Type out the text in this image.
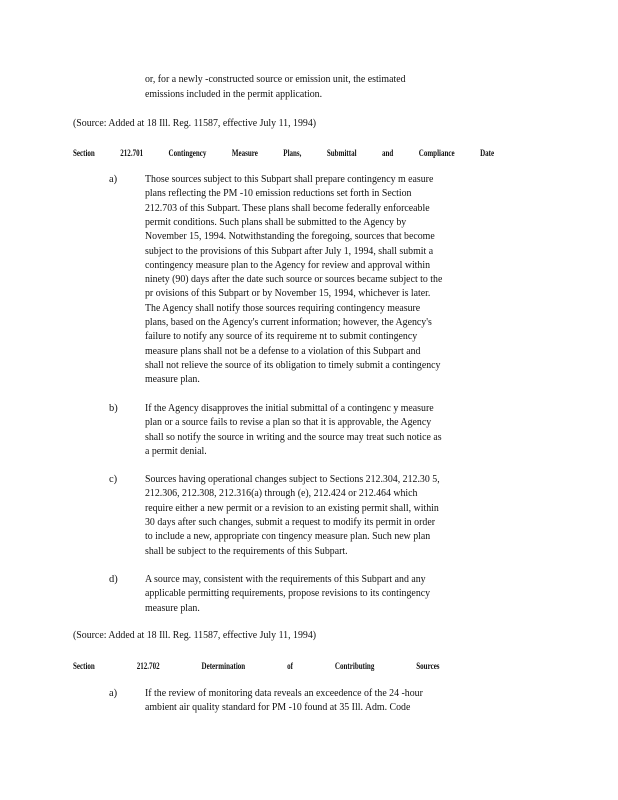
or, for a newly -constructed source or emission unit, the estimated
emissions included in the permit application.
(Source: Added at 18 Ill. Reg. 11587, effective July 11, 1994)
Section	212.701	Contingency	Measure	Plans,	Submittal	and	Compliance	Date
a)	Those sources subject to this Subpart shall prepare contingency m easure
plans reflecting the PM -10 emission reductions set forth in Section
212.703 of this Subpart. These plans shall become federally enforceable
permit conditions. Such plans shall be submitted to the Agency by
November 15, 1994. Notwithstanding the foregoing, sources that become
subject to the provisions of this Subpart after July 1, 1994, shall submit a
contingency measure plan to the Agency for review and approval within
ninety (90) days after the date such source or sources became subject to the
pr ovisions of this Subpart or by November 15, 1994, whichever is later.
The Agency shall notify those sources requiring contingency measure
plans, based on the Agency's current information; however, the Agency's
failure to notify any source of its requireme nt to submit contingency
measure plans shall not be a defense to a violation of this Subpart and
shall not relieve the source of its obligation to timely submit a contingency
measure plan.
b)	If the Agency disapproves the initial submittal of a contingenc y measure
plan or a source fails to revise a plan so that it is approvable, the Agency
shall so notify the source in writing and the source may treat such notice as
a permit denial.
c)	Sources having operational changes subject to Sections 212.304, 212.30 5,
212.306, 212.308, 212.316(a) through (e), 212.424 or 212.464 which
require either a new permit or a revision to an existing permit shall, within
30 days after such changes, submit a request to modify its permit in order
to include a new, appropriate con tingency measure plan. Such new plan
shall be subject to the requirements of this Subpart.
d)	A source may, consistent with the requirements of this Subpart and any
applicable permitting requirements, propose revisions to its contingency
measure plan.
(Source: Added at 18 Ill. Reg. 11587, effective July 11, 1994)
Section	212.702	Determination	of	Contributing	Sources
a)	If the review of monitoring data reveals an exceedence of the 24 -hour
ambient air quality standard for PM -10 found at 35 Ill. Adm. Code
